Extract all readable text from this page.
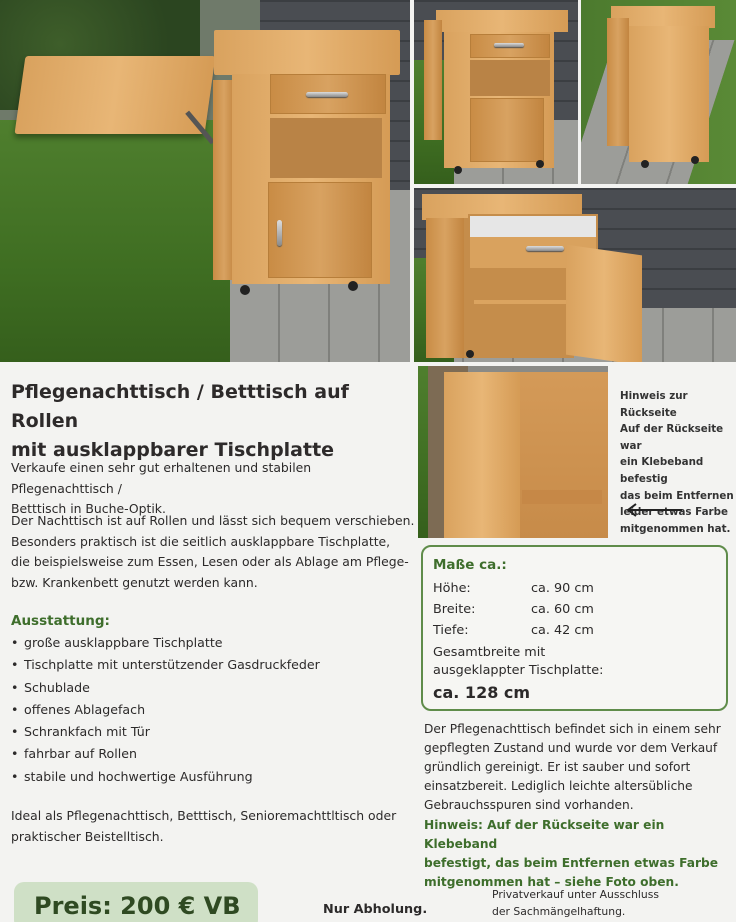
Hinweis zur Rückseite
Auf der Rückseite war
ein Klebeband befestig
das beim Entfernen
leider etwas Farbe
mitgenommen hat.
Pflegenachttisch / Betttisch auf Rollen
mit ausklappbarer Tischplatte
Verkaufe einen sehr gut erhaltenen und stabilen Pflegenachttisch /
Betttisch in Buche-Optik.
Der Nachttisch ist auf Rollen und lässt sich bequem verschieben.
Besonders praktisch ist die seitlich ausklappbare Tischplatte,
die beispielsweise zum Essen, Lesen oder als Ablage am Pflege-
bzw. Krankenbett genutzt werden kann.
Ausstattung:
• große ausklappbare Tischplatte
• Tischplatte mit unterstützender Gasdruckfeder
• Schublade
• offenes Ablagefach
• Schrankfach mit Tür
• fahrbar auf Rollen
• stabile und hochwertige Ausführung
Ideal als Pflegenachttisch, Betttisch, Senioremachttltisch oder
praktischer Beistelltisch.
Preis: 200 € VB	Nur Abholung.
Privatverkauf unter Ausschluss
der Sachmängelhaftung.
Maße ca.:
Höhe:	ca. 90 cm
Breite:	ca. 60 cm
Tiefe:	ca. 42 cm
Gesamtbreite mit
ausgeklappter Tischplatte:
ca. 128 cm
Der Pflegenachttisch befindet sich in einem sehr
gepflegten Zustand und wurde vor dem Verkauf
gründlich gereinigt. Er ist sauber und sofort
einsatzbereit. Lediglich leichte altersübliche
Gebrauchsspuren sind vorhanden.
Hinweis: Auf der Rückseite war ein Klebeband
befestigt, das beim Entfernen etwas Farbe
mitgenommen hat – siehe Foto oben.
